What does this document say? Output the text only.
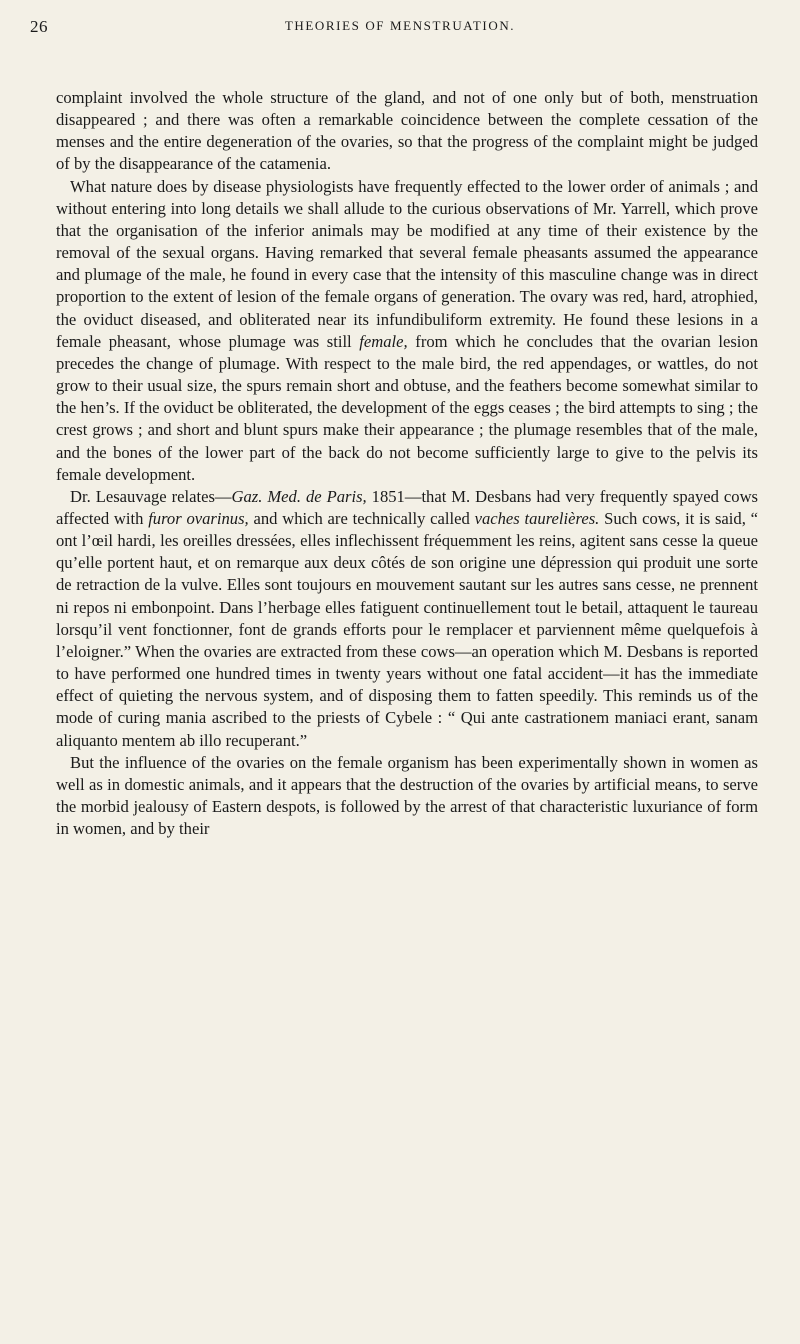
26	THEORIES OF MENSTRUATION.

complaint involved the whole structure of the gland, and not of one only but of both, menstruation disappeared ; and there was often a remarkable coincidence between the complete cessation of the menses and the entire degeneration of the ovaries, so that the progress of the complaint might be judged of by the disappearance of the catamenia.

What nature does by disease physiologists have frequently effected to the lower order of animals ; and without entering into long details we shall allude to the curious observations of Mr. Yarrell, which prove that the organisation of the inferior animals may be modified at any time of their existence by the removal of the sexual organs. Having remarked that several female pheasants assumed the appearance and plumage of the male, he found in every case that the intensity of this masculine change was in direct proportion to the extent of lesion of the female organs of generation. The ovary was red, hard, atrophied, the oviduct diseased, and obliterated near its infundibuliform extremity. He found these lesions in a female pheasant, whose plumage was still female, from which he concludes that the ovarian lesion precedes the change of plumage. With respect to the male bird, the red appendages, or wattles, do not grow to their usual size, the spurs remain short and obtuse, and the feathers become somewhat similar to the hen’s. If the oviduct be obliterated, the development of the eggs ceases ; the bird attempts to sing ; the crest grows ; and short and blunt spurs make their appearance ; the plumage resembles that of the male, and the bones of the lower part of the back do not become sufficiently large to give to the pelvis its female development.

Dr. Lesauvage relates—Gaz. Med. de Paris, 1851—that M. Desbans had very frequently spayed cows affected with furor ovarinus, and which are technically called vaches taurelières. Such cows, it is said, “ ont l’œil hardi, les oreilles dressées, elles inflechissent fréquemment les reins, agitent sans cesse la queue qu’elle portent haut, et on remarque aux deux côtés de son origine une dépression qui produit une sorte de retraction de la vulve. Elles sont toujours en mouvement sautant sur les autres sans cesse, ne prennent ni repos ni embonpoint. Dans l’herbage elles fatiguent continuellement tout le betail, attaquent le taureau lorsqu’il vent fonctionner, font de grands efforts pour le remplacer et parviennent même quelquefois à l’eloigner.” When the ovaries are extracted from these cows—an operation which M. Desbans is reported to have performed one hundred times in twenty years without one fatal accident—it has the immediate effect of quieting the nervous system, and of disposing them to fatten speedily. This reminds us of the mode of curing mania ascribed to the priests of Cybele : “ Qui ante castrationem maniaci erant, sanam aliquanto mentem ab illo recuperant.”

But the influence of the ovaries on the female organism has been experimentally shown in women as well as in domestic animals, and it appears that the destruction of the ovaries by artificial means, to serve the morbid jealousy of Eastern despots, is followed by the arrest of that characteristic luxuriance of form in women, and by their
